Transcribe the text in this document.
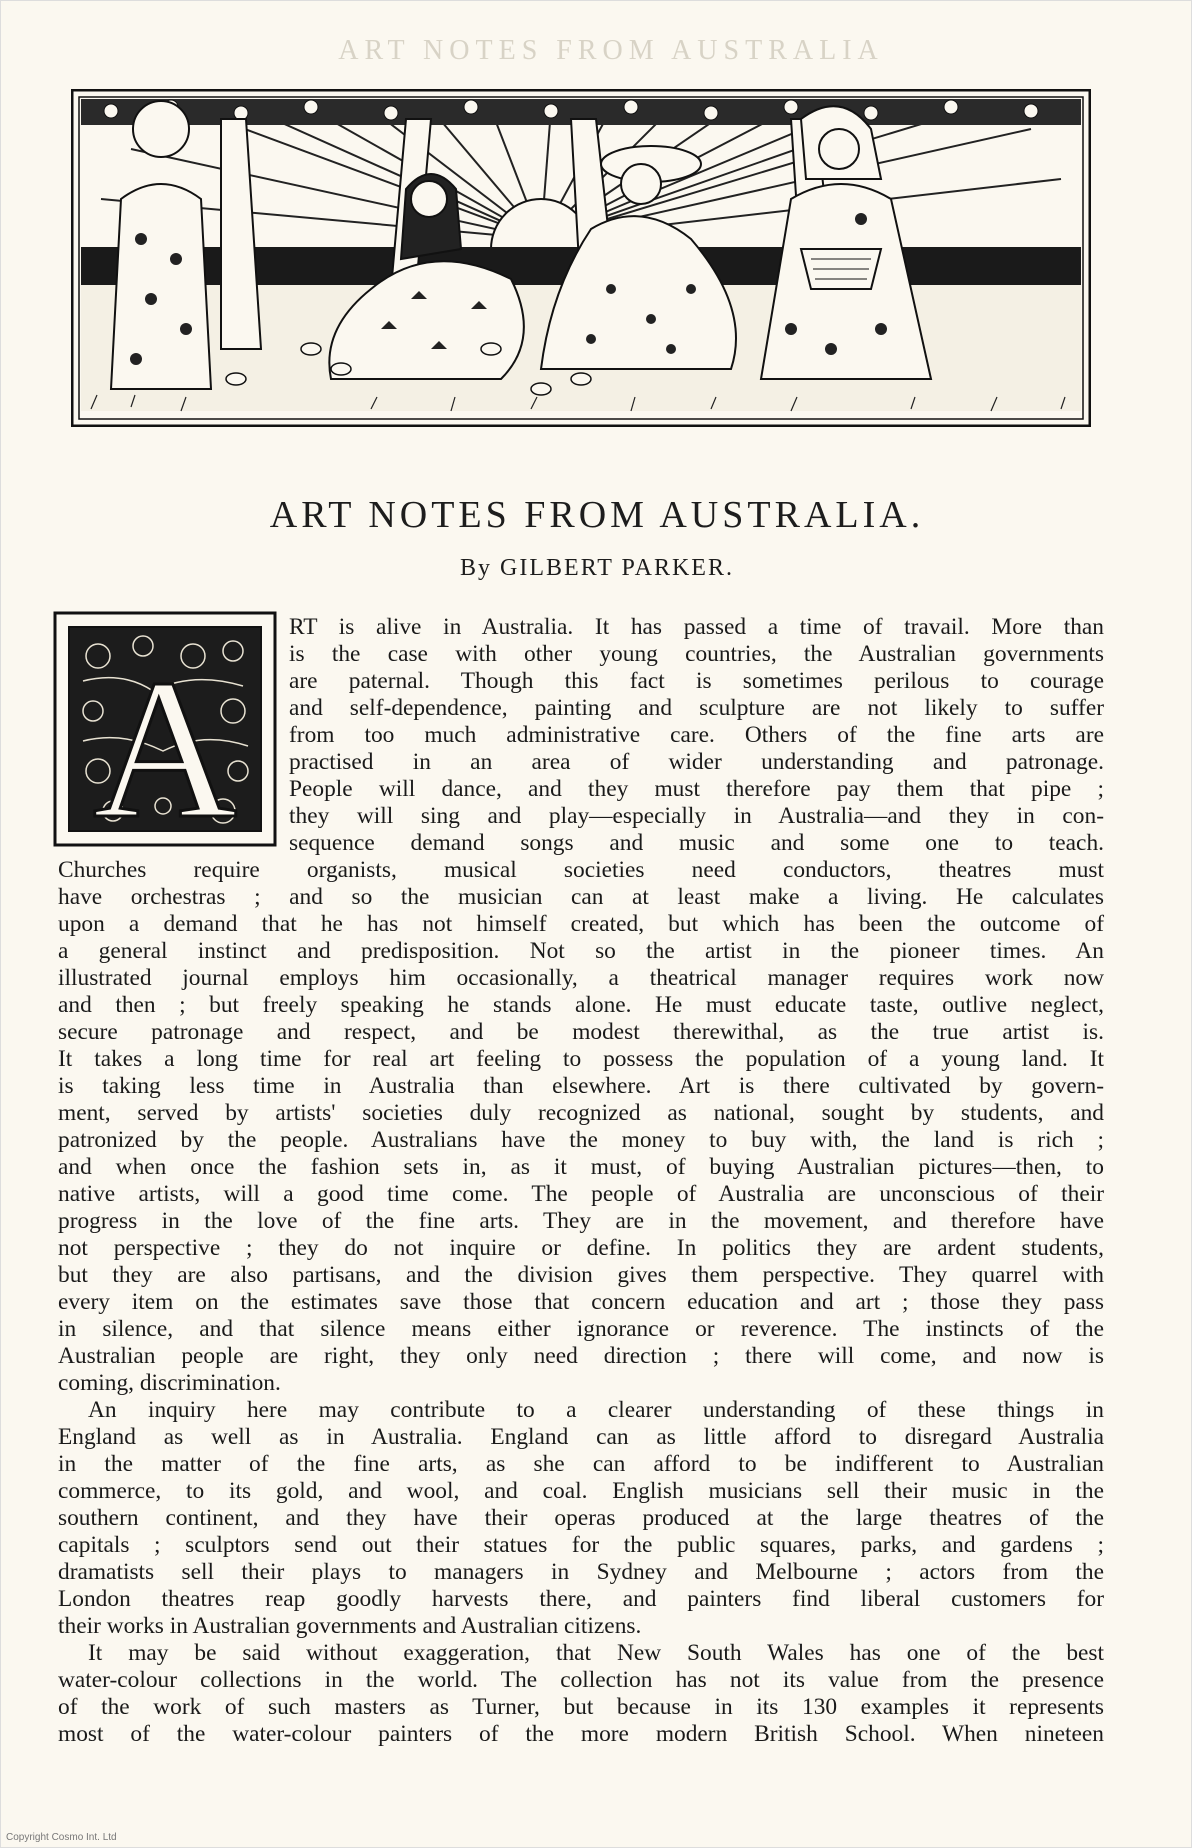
ART NOTES FROM AUSTRALIA
ART NOTES FROM AUSTRALIA.
By GILBERT PARKER.
A
RT is alive in Australia. It has passed a time of travail. More than
is the case with other young countries, the Australian governments
are paternal. Though this fact is sometimes perilous to courage
and self-dependence, painting and sculpture are not likely to suffer
from too much administrative care. Others of the fine arts are
practised in an area of wider understanding and patronage.
People will dance, and they must therefore pay them that pipe ;
they will sing and play—especially in Australia—and they in con-
sequence demand songs and music and some one to teach.
Churches require organists, musical societies need conductors, theatres must
have orchestras ; and so the musician can at least make a living. He calculates
upon a demand that he has not himself created, but which has been the outcome of
a general instinct and predisposition. Not so the artist in the pioneer times. An
illustrated journal employs him occasionally, a theatrical manager requires work now
and then ; but freely speaking he stands alone. He must educate taste, outlive neglect,
secure patronage and respect, and be modest therewithal, as the true artist is.
It takes a long time for real art feeling to possess the population of a young land. It
is taking less time in Australia than elsewhere. Art is there cultivated by govern-
ment, served by artists' societies duly recognized as national, sought by students, and
patronized by the people. Australians have the money to buy with, the land is rich ;
and when once the fashion sets in, as it must, of buying Australian pictures—then, to
native artists, will a good time come. The people of Australia are unconscious of their
progress in the love of the fine arts. They are in the movement, and therefore have
not perspective ; they do not inquire or define. In politics they are ardent students,
but they are also partisans, and the division gives them perspective. They quarrel with
every item on the estimates save those that concern education and art ; those they pass
in silence, and that silence means either ignorance or reverence. The instincts of the
Australian people are right, they only need direction ; there will come, and now is
coming, discrimination.
An inquiry here may contribute to a clearer understanding of these things in
England as well as in Australia. England can as little afford to disregard Australia
in the matter of the fine arts, as she can afford to be indifferent to Australian
commerce, to its gold, and wool, and coal. English musicians sell their music in the
southern continent, and they have their operas produced at the large theatres of the
capitals ; sculptors send out their statues for the public squares, parks, and gardens ;
dramatists sell their plays to managers in Sydney and Melbourne ; actors from the
London theatres reap goodly harvests there, and painters find liberal customers for
their works in Australian governments and Australian citizens.
It may be said without exaggeration, that New South Wales has one of the best
water-colour collections in the world. The collection has not its value from the presence
of the work of such masters as Turner, but because in its 130 examples it represents
most of the water-colour painters of the more modern British School. When nineteen
Copyright Cosmo Int. Ltd
